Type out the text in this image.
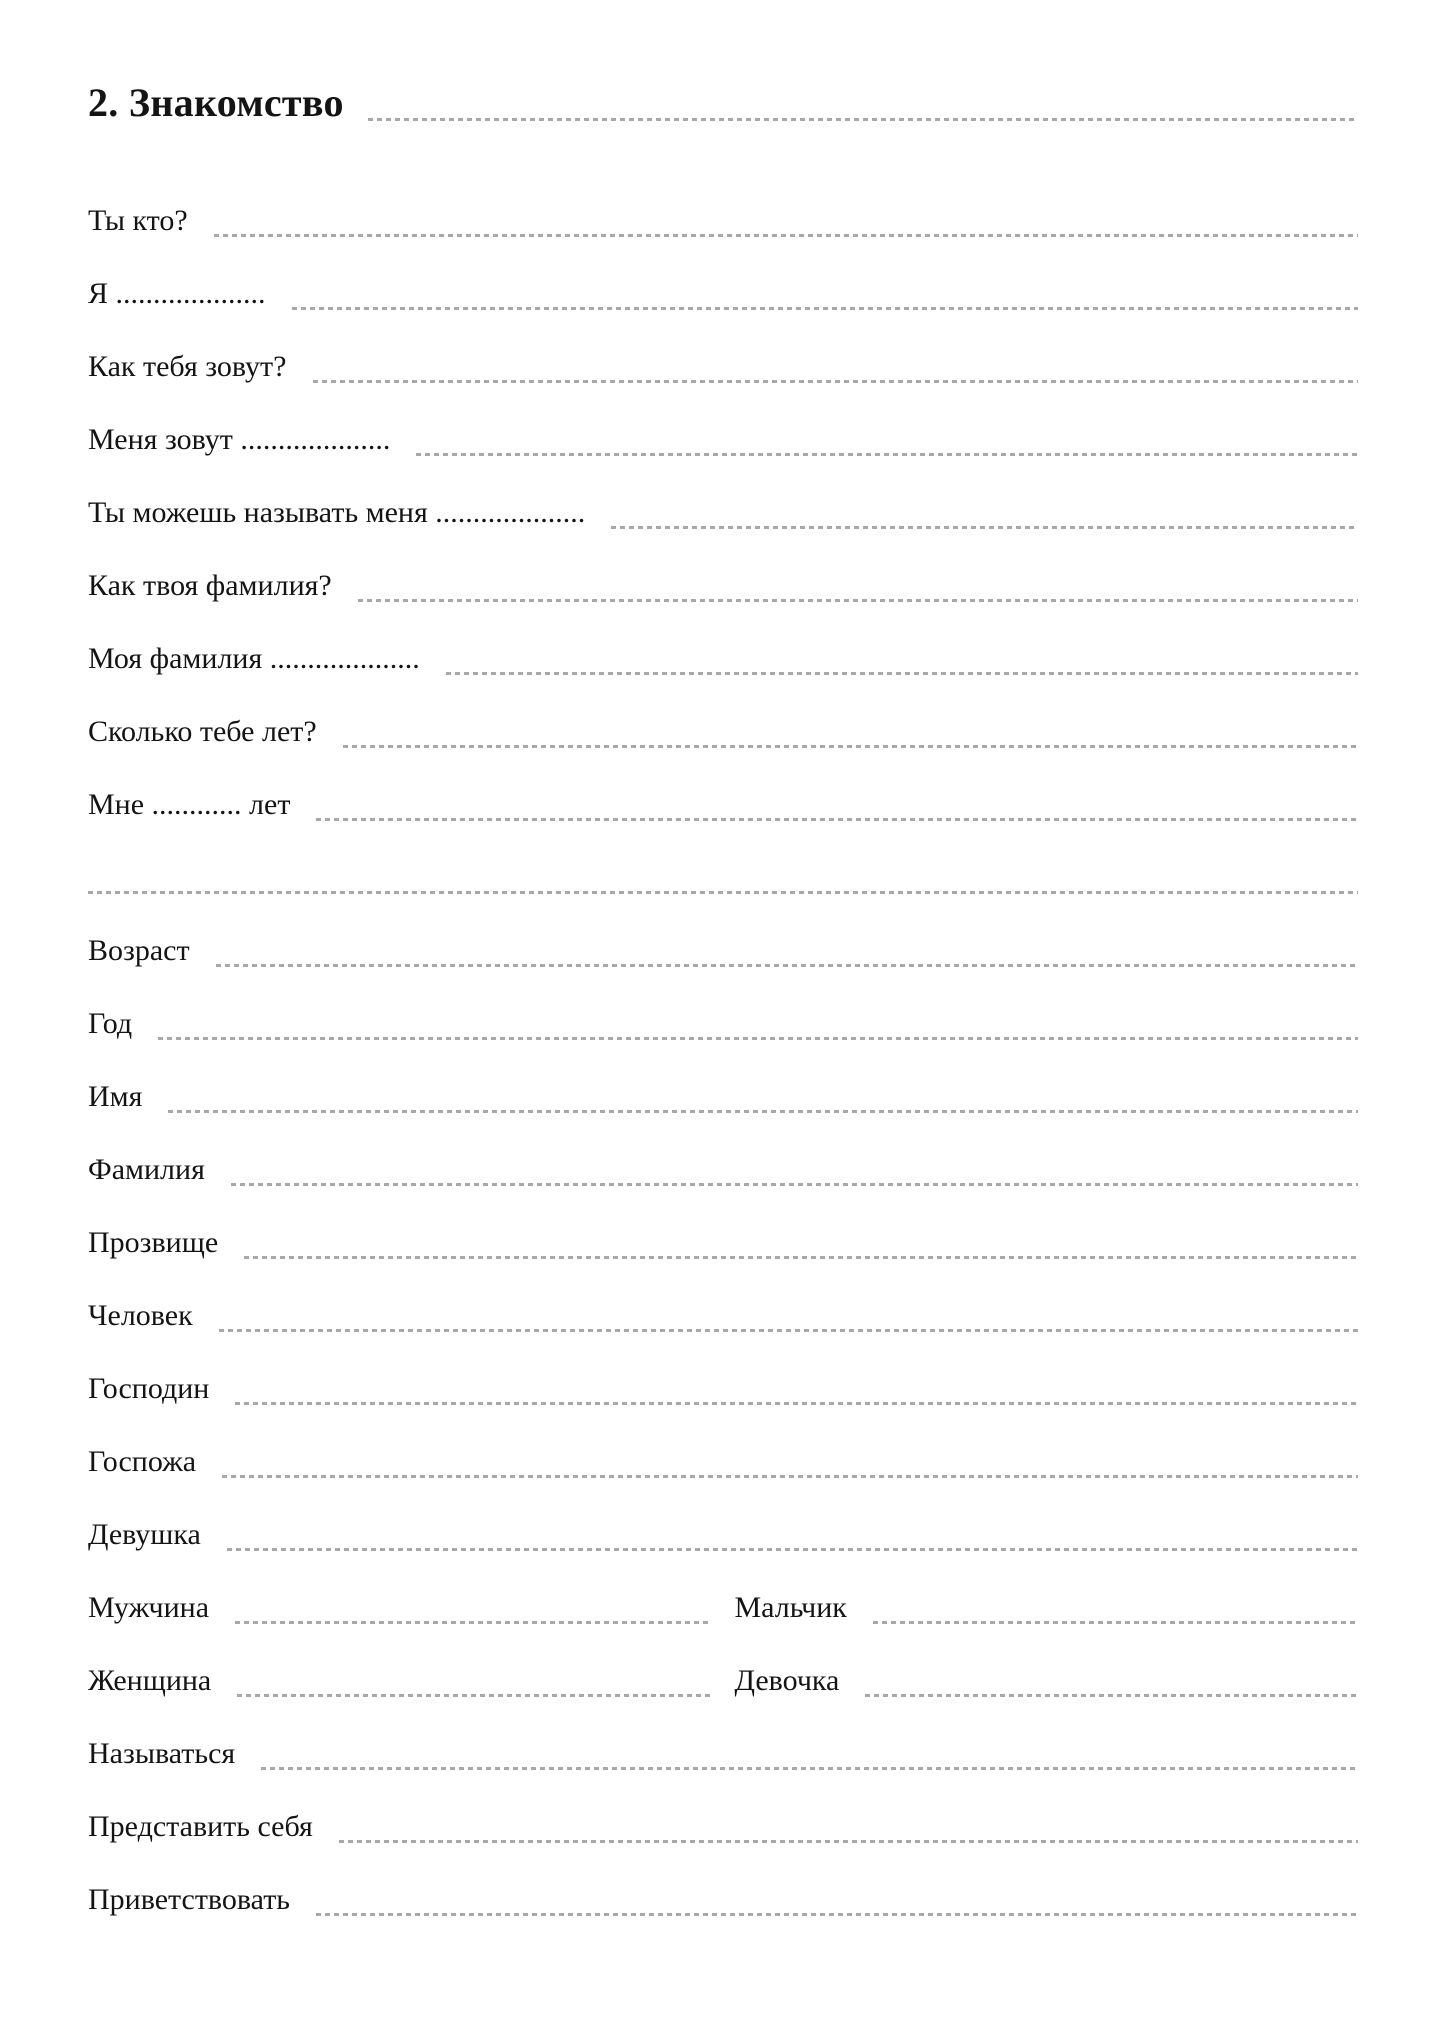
2. Знакомство
Ты кто?
Я ....................
Как тебя зовут?
Меня зовут ....................
Ты можешь называть меня ....................
Как твоя фамилия?
Моя фамилия ....................
Сколько тебе лет?
Мне ............ лет
Возраст
Год
Имя
Фамилия
Прозвище
Человек
Господин
Госпожа
Девушка
Мужчина	Мальчик
Женщина	Девочка
Называться
Представить себя
Приветствовать
